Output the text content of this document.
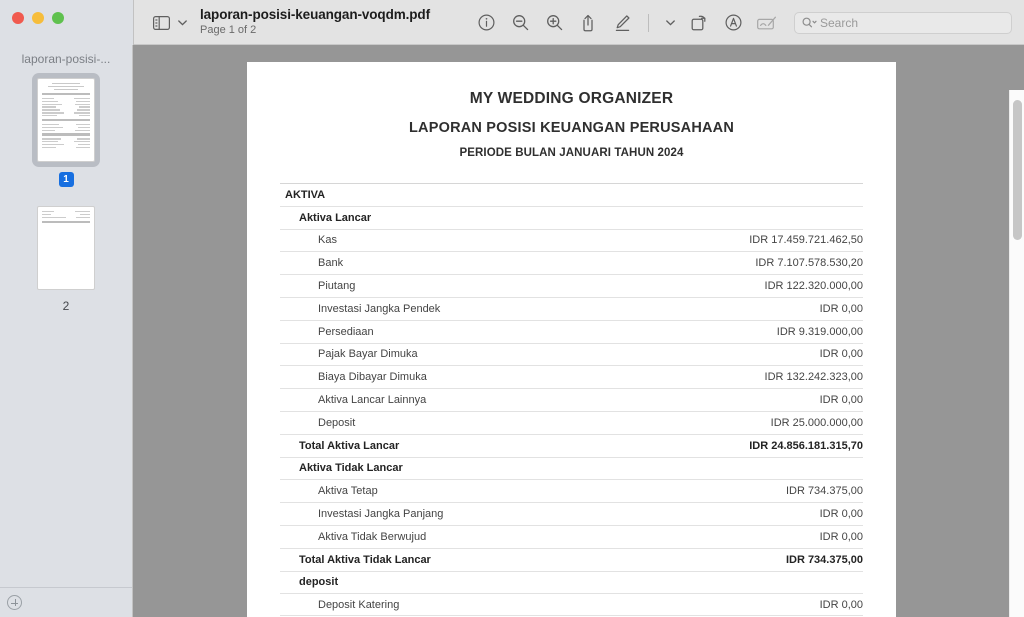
laporan-posisi-keuangan-voqdm.pdf
Page 1 of 2
Search
laporan-posisi-...
1
2
MY WEDDING ORGANIZER
LAPORAN POSISI KEUANGAN PERUSAHAAN
PERIODE BULAN JANUARI TAHUN 2024
AKTIVA
Aktiva Lancar
Kas	IDR 17.459.721.462,50
Bank	IDR 7.107.578.530,20
Piutang	IDR 122.320.000,00
Investasi Jangka Pendek	IDR 0,00
Persediaan	IDR 9.319.000,00
Pajak Bayar Dimuka	IDR 0,00
Biaya Dibayar Dimuka	IDR 132.242.323,00
Aktiva Lancar Lainnya	IDR 0,00
Deposit	IDR 25.000.000,00
Total Aktiva Lancar	IDR 24.856.181.315,70
Aktiva Tidak Lancar
Aktiva Tetap	IDR 734.375,00
Investasi Jangka Panjang	IDR 0,00
Aktiva Tidak Berwujud	IDR 0,00
Total Aktiva Tidak Lancar	IDR 734.375,00
deposit
Deposit Katering	IDR 0,00
